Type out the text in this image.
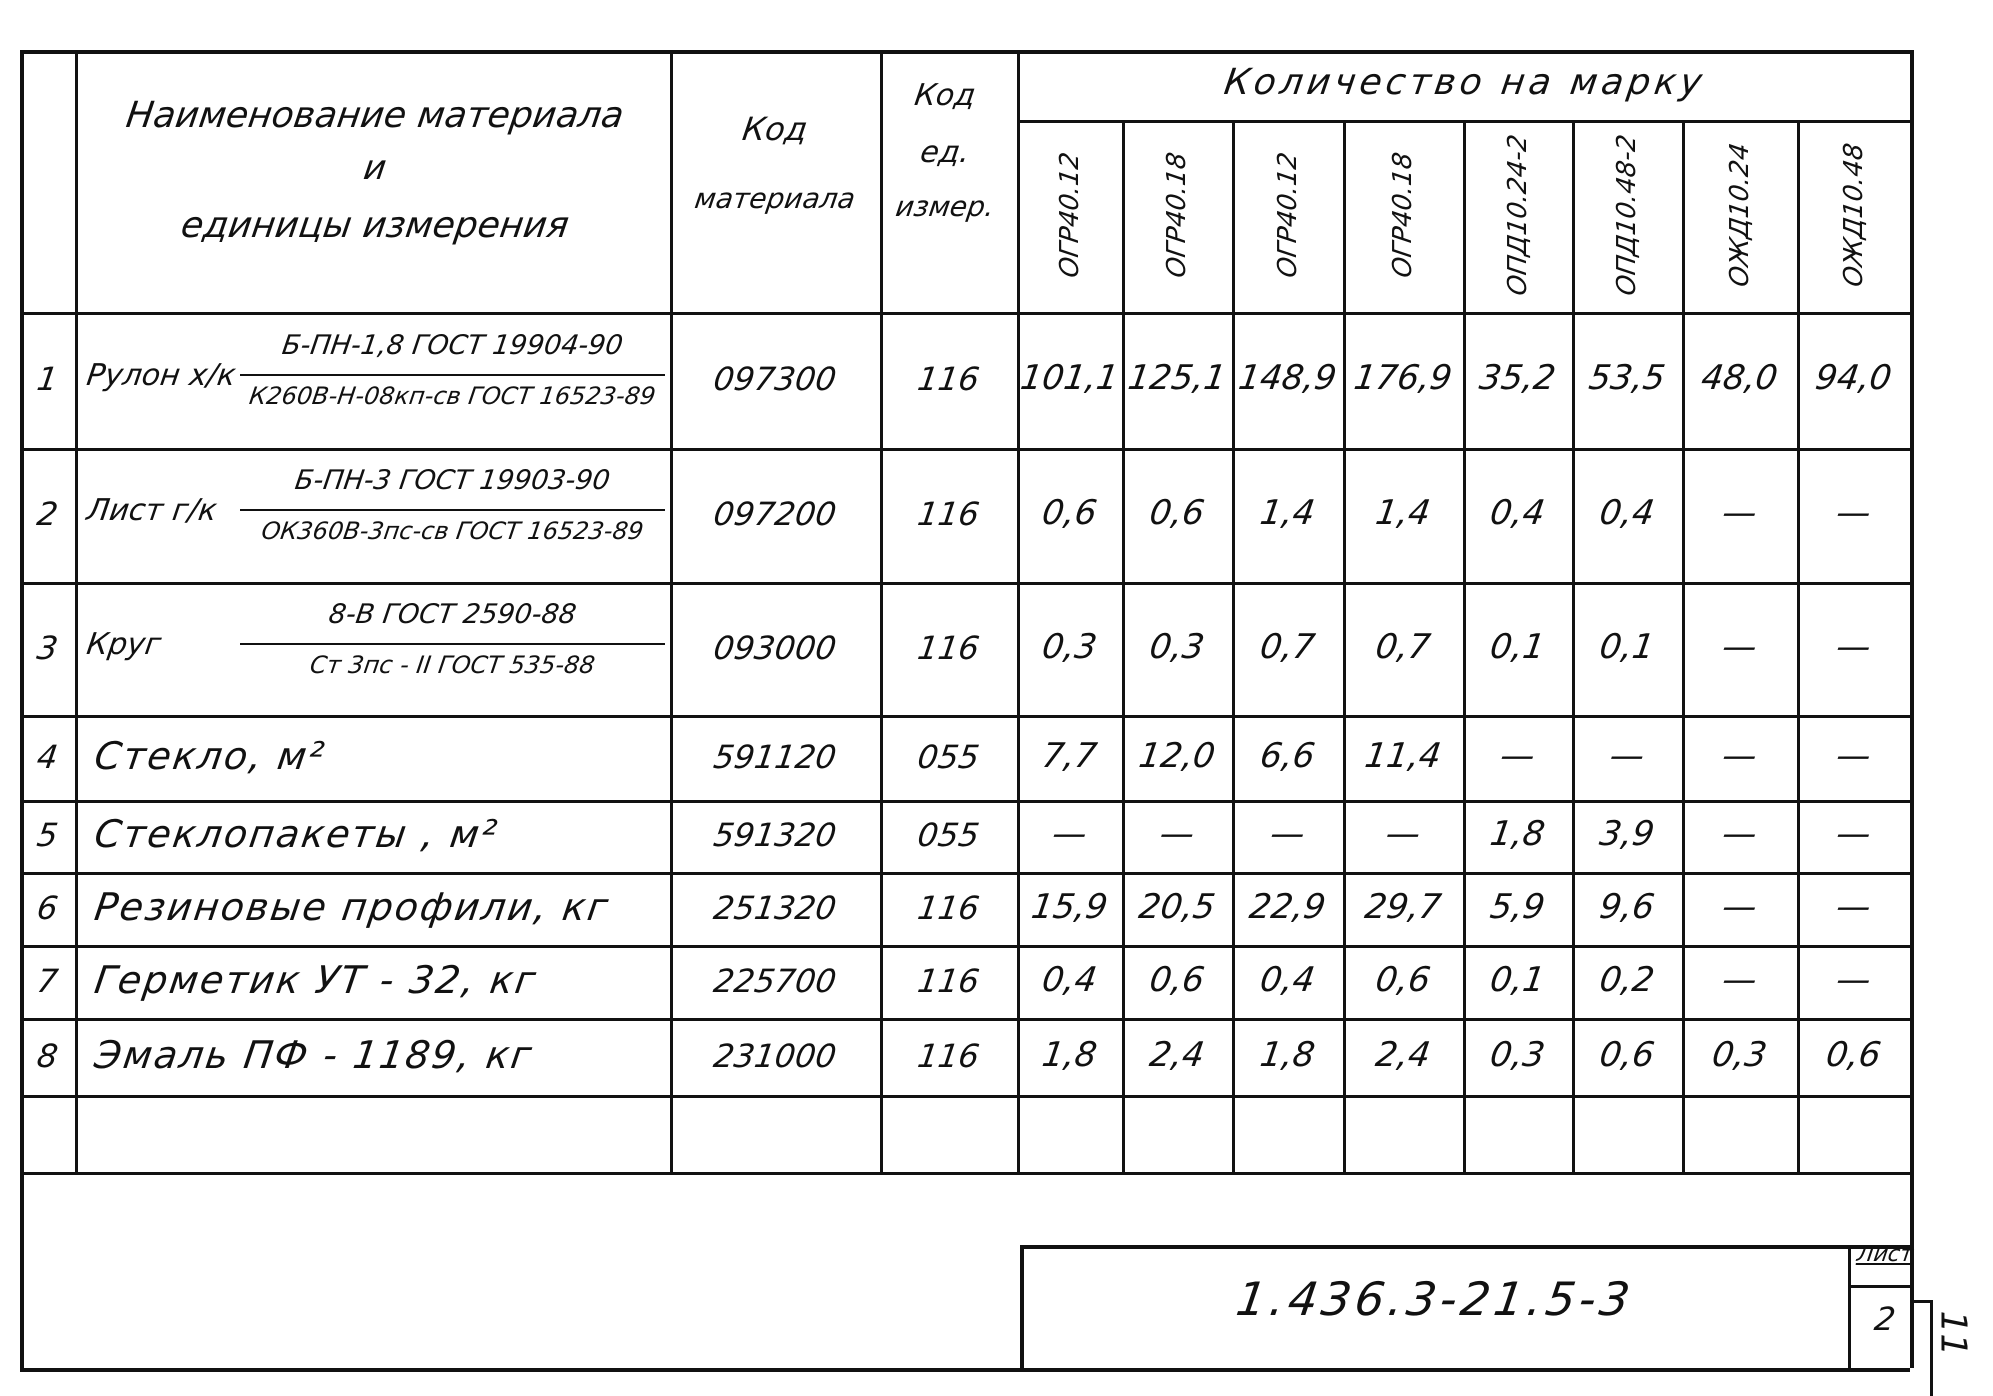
Наименование материала
и
единицы измерения
Код
материала
Код
ед.
измер.
Количество на марку
ОГР40.12	ОГР40.18	ОГР40.12	ОГР40.18	ОПД10.24-2	ОПД10.48-2	ОЖД10.24	ОЖД10.48
1 Рулон х/к
Б-ПН-1,8 ГОСТ 19904-90
К260В-Н-08кп-св ГОСТ 16523-89	097300	116	101,1 125,1 148,9 176,9 35,2 53,5 48,0 94,0
2 Лист г/к
Б-ПН-3 ГОСТ 19903-90
ОК360В-3пс-св ГОСТ 16523-89	097200	116	0,6	0,6	1,4	1,4	0,4	0,4	—	—
3 Круг
8-В ГОСТ 2590-88
Ст 3пс - II ГОСТ 535-88	093000	116	0,3	0,3	0,7	0,7	0,1	0,1	—	—
4 Стекло, м²	591120	055	7,7	12,0	6,6	11,4	—	—	—	—
5 Стеклопакеты , м²	591320	055	—	—	—	—	1,8	3,9	—	—
6 Резиновые профили, кг	251320	116	15,9 20,5 22,9	29,7	5,9	9,6	—	—
7 Герметик УТ - 32, кг	225700	116	0,4	0,6	0,4	0,6	0,1	0,2	—	—
8 Эмаль ПФ - 1189, кг	231000	116	1,8	2,4	1,8	2,4	0,3	0,6	0,3	0,6
1.436.3-21.5-3
Лист
2 11
